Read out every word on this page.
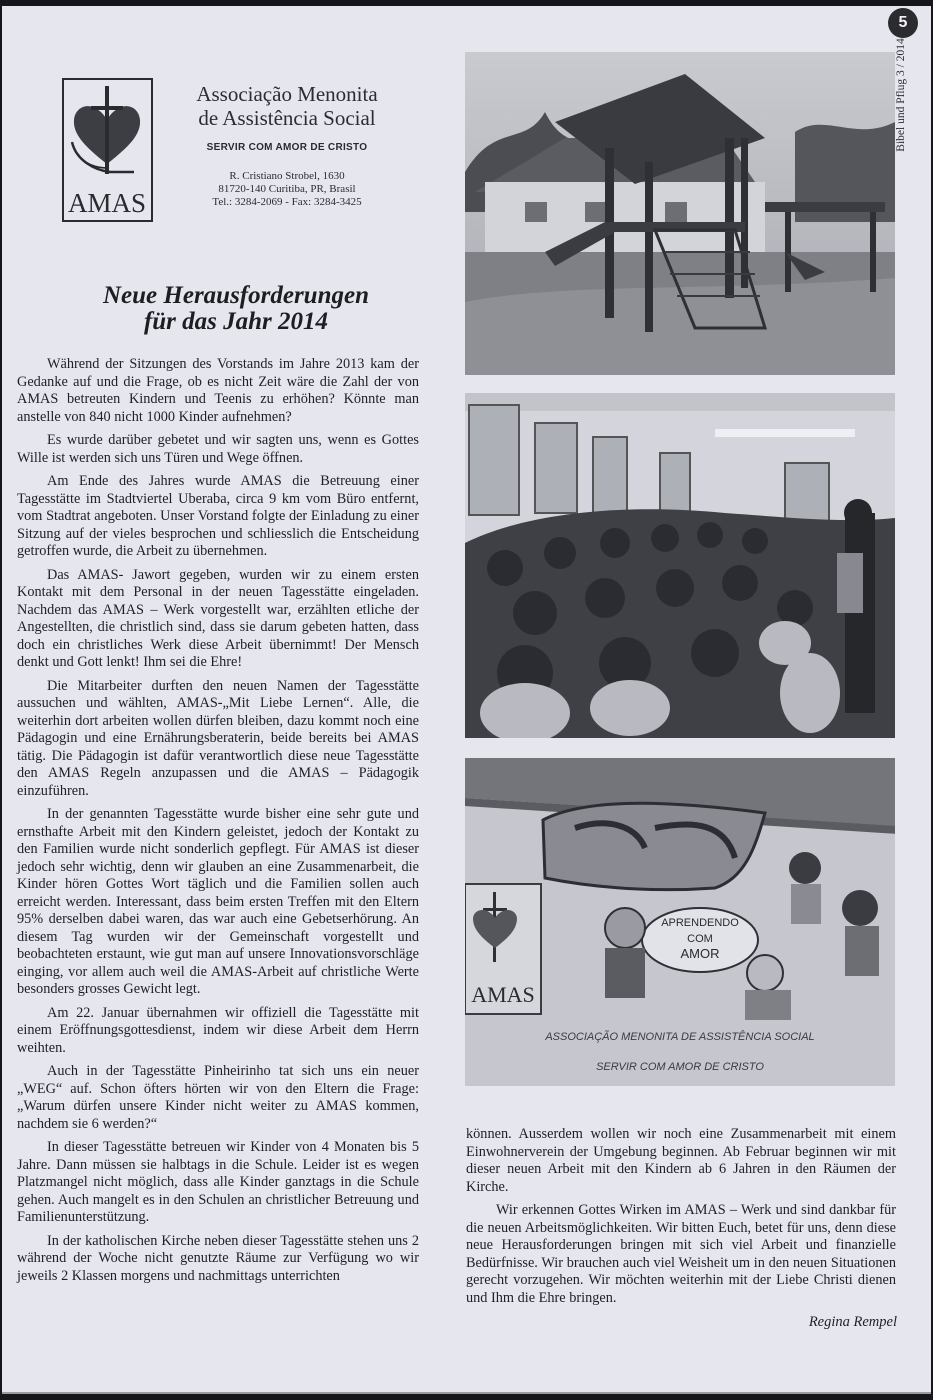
AMAS
Associação Menonita
de Assistência Social
SERVIR COM AMOR DE CRISTO
R. Cristiano Strobel, 1630
81720-140 Curitiba, PR, Brasil
Tel.: 3284-2069 - Fax: 3284-3425
Neue Herausforderungen
für das Jahr 2014

Während der Sitzungen des Vorstands im Jahre 2013 kam der Gedanke auf und die Frage, ob es nicht Zeit wäre die Zahl der von AMAS betreuten Kindern und Teenis zu erhöhen? Könnte man anstelle von 840 nicht 1000 Kinder aufnehmen?

Es wurde darüber gebetet und wir sagten uns, wenn es Gottes Wille ist werden sich uns Türen und Wege öffnen.

Am Ende des Jahres wurde AMAS die Betreuung einer Tagesstätte im Stadtviertel Uberaba, circa 9 km vom Büro entfernt, vom Stadtrat angeboten. Unser Vorstand folgte der Einladung zu einer Sitzung auf der vieles besprochen und schliesslich die Entscheidung getroffen wurde, die Arbeit zu übernehmen.

Das AMAS- Jawort gegeben, wurden wir zu einem ersten Kontakt mit dem Personal in der neuen Tagesstätte eingeladen. Nachdem das AMAS – Werk vorgestellt war, erzählten etliche der Angestellten, die christlich sind, dass sie darum gebeten hatten, dass doch ein christliches Werk diese Arbeit übernimmt! Der Mensch denkt und Gott lenkt! Ihm sei die Ehre!

Die Mitarbeiter durften den neuen Namen der Tagesstätte aussuchen und wählten, AMAS-„Mit Liebe Lernen“. Alle, die weiterhin dort arbeiten wollen dürfen bleiben, dazu kommt noch eine Pädagogin und eine Ernährungsberaterin, beide bereits bei AMAS tätig. Die Pädagogin ist dafür verantwortlich diese neue Tagesstätte den AMAS Regeln anzupassen und die AMAS – Pädagogik einzuführen.

In der genannten Tagesstätte wurde bisher eine sehr gute und ernsthafte Arbeit mit den Kindern geleistet, jedoch der Kontakt zu den Familien wurde nicht sonderlich gepflegt. Für AMAS ist dieser jedoch sehr wichtig, denn wir glauben an eine Zusammenarbeit, die Kinder hören Gottes Wort täglich und die Familien sollen auch erreicht werden. Interessant, dass beim ersten Treffen mit den Eltern 95% derselben dabei waren, das war auch eine Gebetserhörung. An diesem Tag wurden wir der Gemeinschaft vorgestellt und beobachteten erstaunt, wie gut man auf unsere Innovationsvorschläge einging, vor allem auch weil die AMAS-Arbeit auf christliche Werte besonders grosses Gewicht legt.

Am 22. Januar übernahmen wir offiziell die Tagesstätte mit einem Eröffnungsgottesdienst, indem wir diese Arbeit dem Herrn weihten.

Auch in der Tagesstätte Pinheirinho tat sich uns ein neuer „WEG“ auf. Schon öfters hörten wir von den Eltern die Frage: „Warum dürfen unsere Kinder nicht weiter zu AMAS kommen, nachdem sie 6 werden?“

In dieser Tagesstätte betreuen wir Kinder von 4 Monaten bis 5 Jahre. Dann müssen sie halbtags in die Schule. Leider ist es wegen Platzmangel nicht möglich, dass alle Kinder ganztags in die Schule gehen. Auch mangelt es in den Schulen an christlicher Betreuung und Familienunterstützung.

In der katholischen Kirche neben dieser Tagesstätte stehen uns 2 während der Woche nicht genutzte Räume zur Verfügung wo wir jeweils 2 Klassen morgens und nachmittags unterrichten

können. Ausserdem wollen wir noch eine Zusammenarbeit mit einem Einwohnerverein der Umgebung beginnen. Ab Februar beginnen wir mit dieser neuen Arbeit mit den Kindern ab 6 Jahren in den Räumen der Kirche.

Wir erkennen Gottes Wirken im AMAS – Werk und sind dankbar für die neuen Arbeitsmöglichkeiten. Wir bitten Euch, betet für uns, denn diese neue Herausforderungen bringen mit sich viel Arbeit und finanzielle Bedürfnisse. Wir brauchen auch viel Weisheit um in den neuen Situationen gerecht vorzugehen. Wir möchten weiterhin mit der Liebe Christi dienen und Ihm die Ehre bringen.

Regina Rempel
AMAS
APRENDENDO
COM
AMOR
ASSOCIAÇÃO MENONITA DE ASSISTÊNCIA SOCIAL
SERVIR COM AMOR DE CRISTO
5
Bibel und Pflug 3 / 2014
